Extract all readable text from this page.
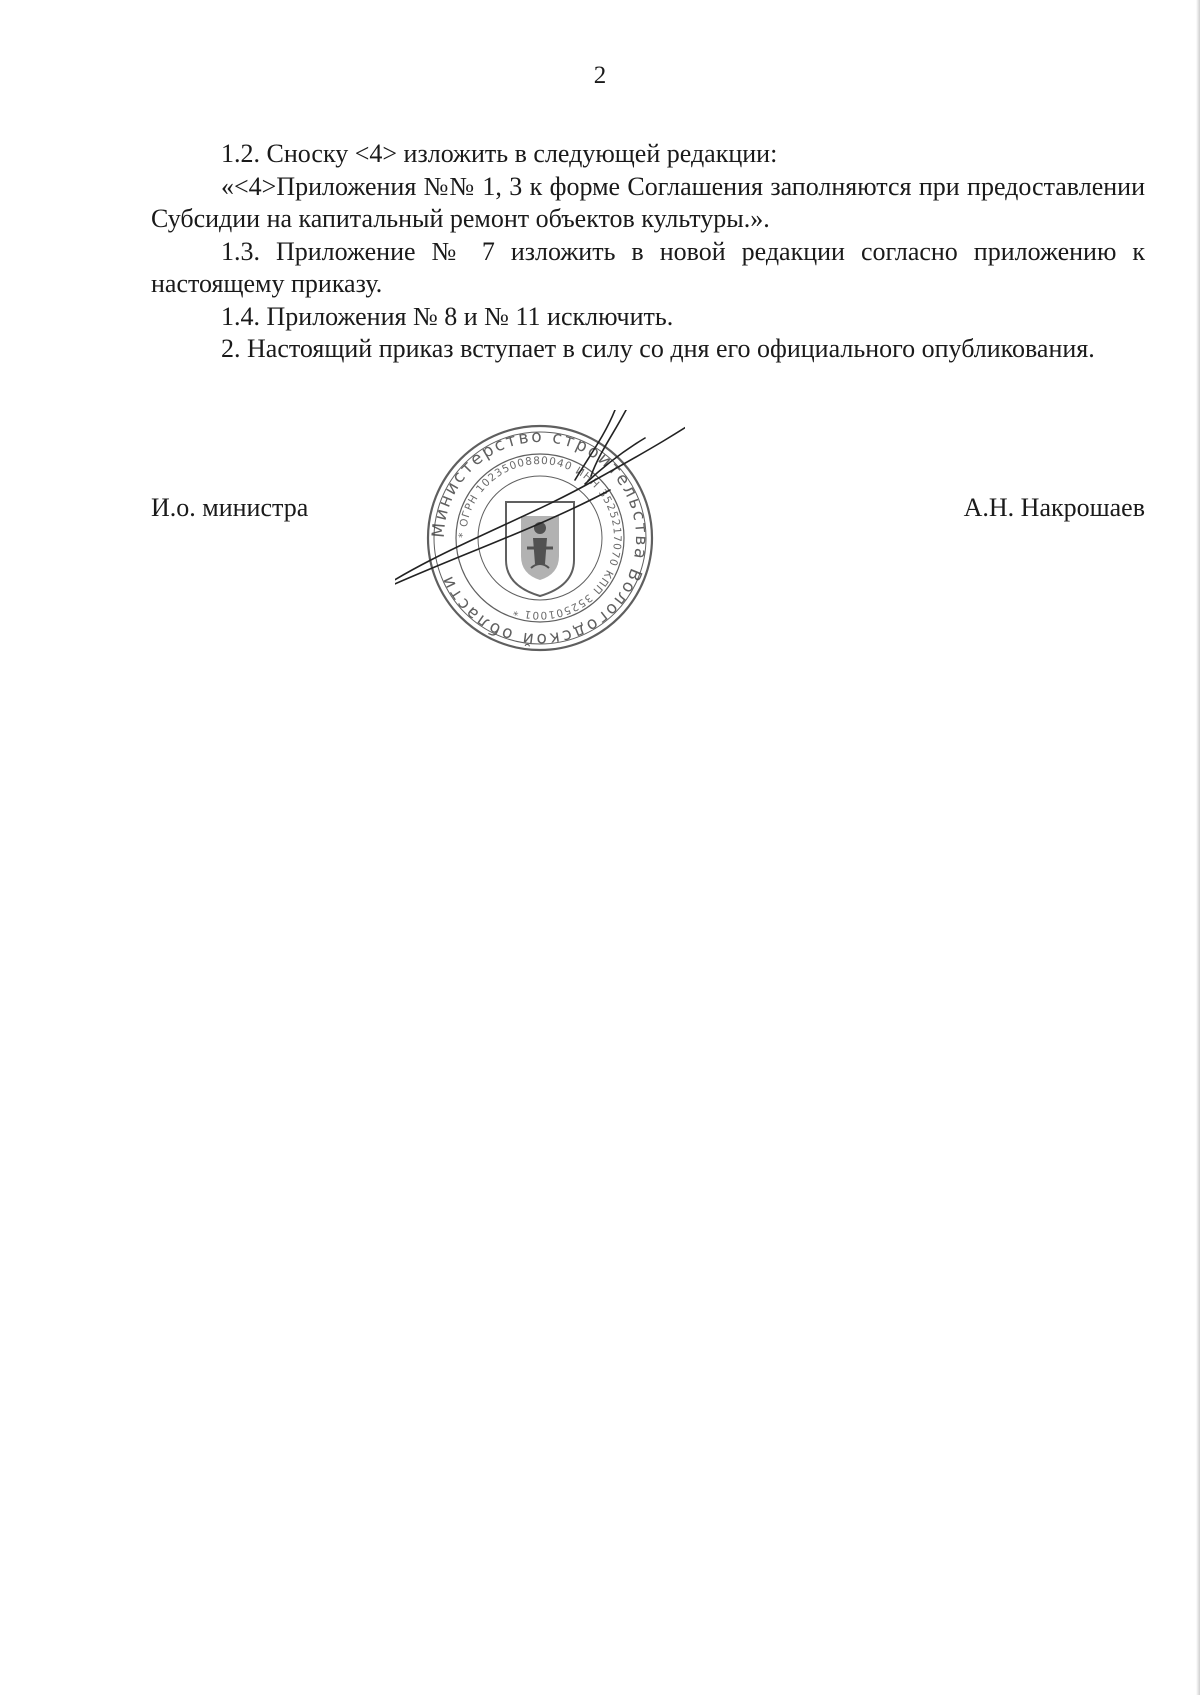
2

1.2. Сноску <4> изложить в следующей редакции:

«<4>Приложения №№ 1, 3 к форме Соглашения заполняются при предоставлении Субсидии на капитальный ремонт объектов культуры.».

1.3. Приложение № 7 изложить в новой редакции согласно приложению к настоящему приказу.

1.4. Приложения № 8 и № 11 исключить.

2. Настоящий приказ вступает в силу со дня его официального опубликования.

И.о. министра	А.Н. Накрошаев
Министерство строительства Вологодской области
* ОГРН 1023500880040 ИНН 3525217070 КПП 352501001 *
